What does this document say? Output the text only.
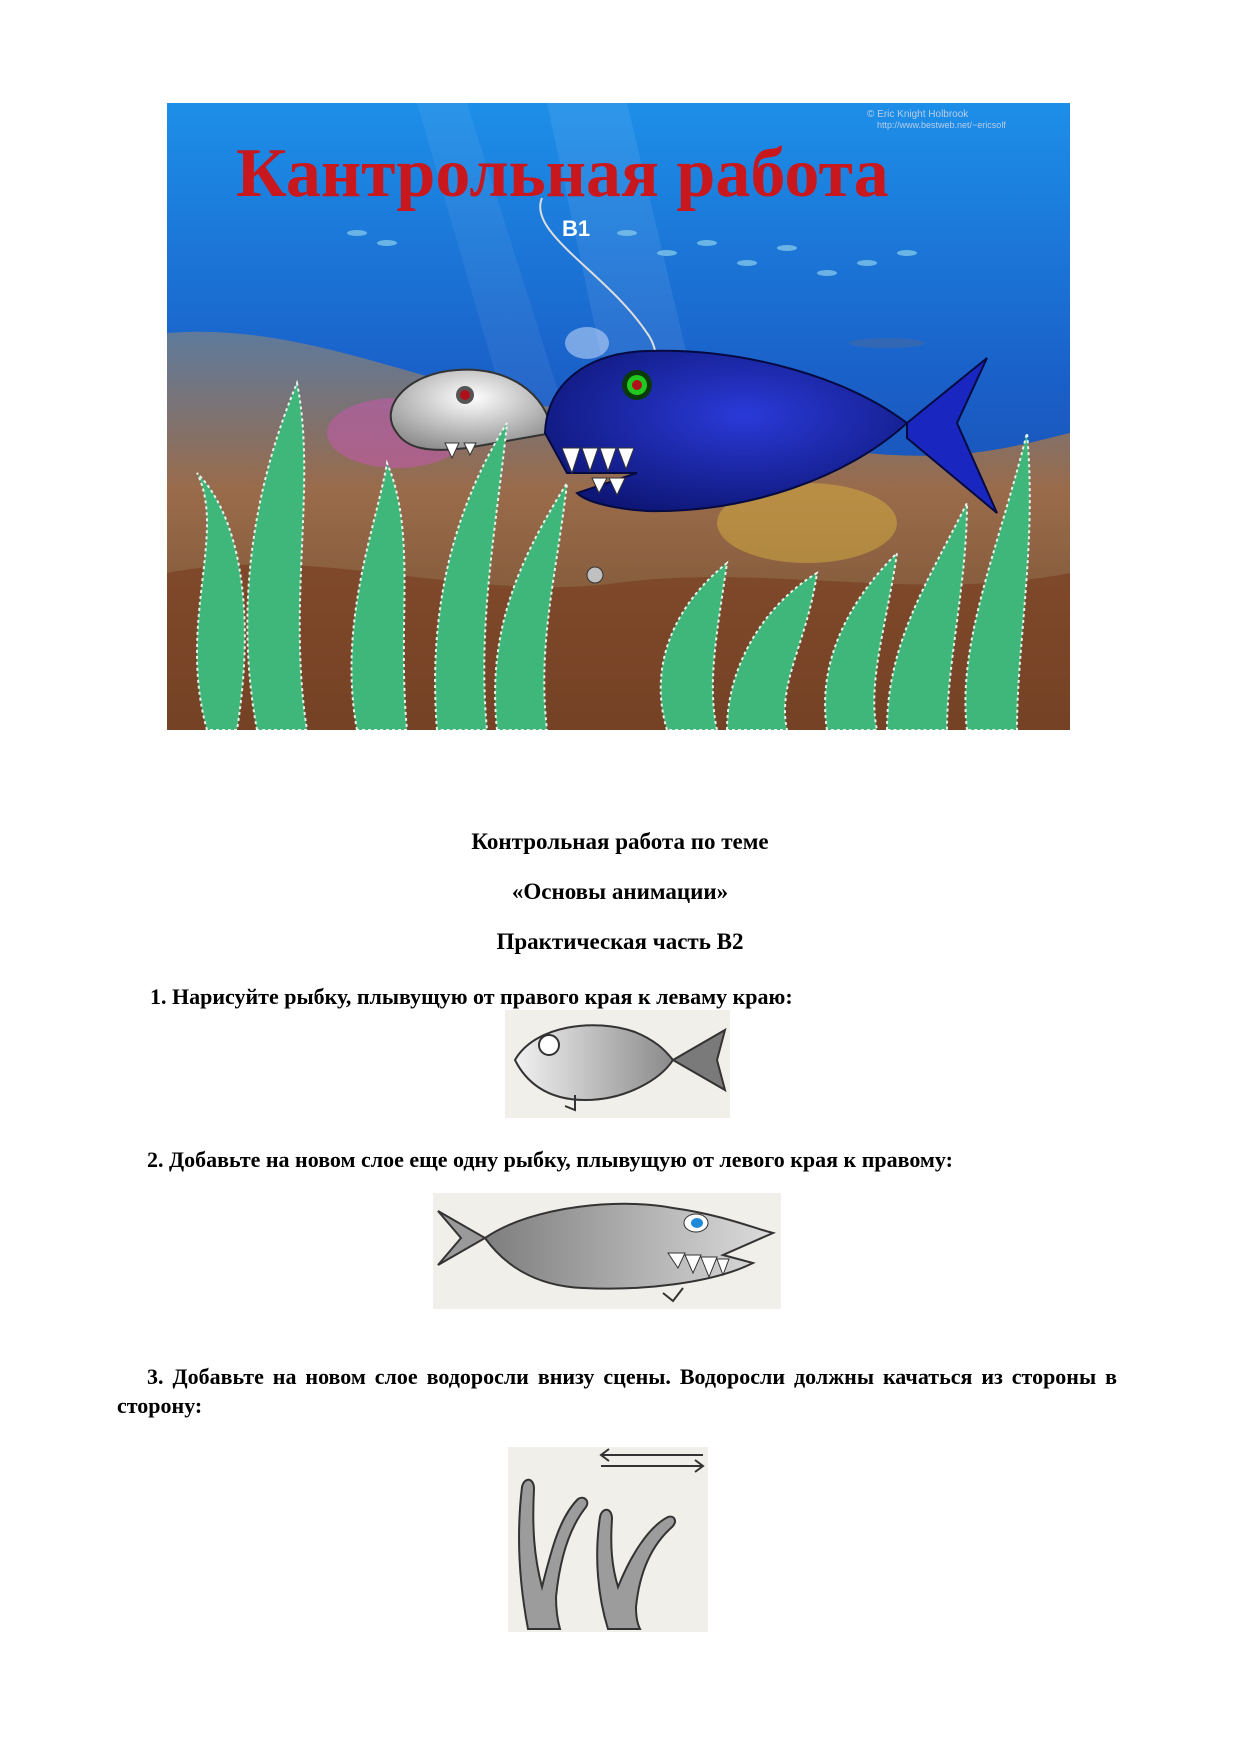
Кантрольная работа
В1
© Eric Knight Holbrook
http://www.bestweb.net/~ericsolf
Контрольная работа по теме
«Основы анимации»
Практическая часть В2
1. Нарисуйте рыбку, плывущую от правого края к леваму краю:
2. Добавьте на новом слое еще одну рыбку, плывущую от левого края к правому:
3. Добавьте на новом слое водоросли внизу сцены. Водоросли должны качаться из стороны в сторону:
